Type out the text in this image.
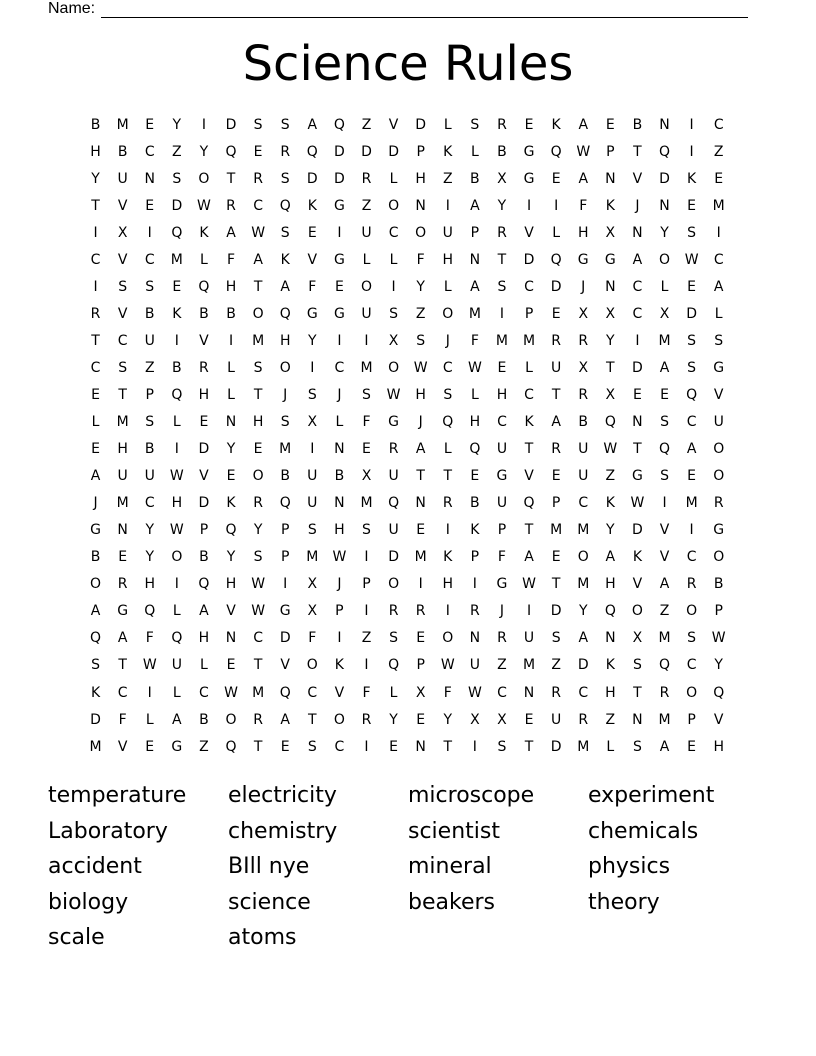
Name:
Science Rules
B	M	E	Y	I	D	S	S	A	Q	Z	V	D	L	S	R	E	K	A	E	B	N	I	C
H	B	C	Z	Y	Q	E	R	Q	D	D	D	P	K	L	B	G	Q	W	P	T	Q	I	Z
Y	U	N	S	O	T	R	S	D	D	R	L	H	Z	B	X	G	E	A	N	V	D	K	E
T	V	E	D	W	R	C	Q	K	G	Z	O	N	I	A	Y	I	I	F	K	J	N	E	M
I	X	I	Q	K	A	W	S	E	I	U	C	O	U	P	R	V	L	H	X	N	Y	S	I
C	V	C	M	L	F	A	K	V	G	L	L	F	H	N	T	D	Q	G	G	A	O	W	C
I	S	S	E	Q	H	T	A	F	E	O	I	Y	L	A	S	C	D	J	N	C	L	E	A
R	V	B	K	B	B	O	Q	G	G	U	S	Z	O	M	I	P	E	X	X	C	X	D	L
T	C	U	I	V	I	M	H	Y	I	I	X	S	J	F	M	M	R	R	Y	I	M	S	S
C	S	Z	B	R	L	S	O	I	C	M	O	W	C	W	E	L	U	X	T	D	A	S	G
E	T	P	Q	H	L	T	J	S	J	S	W	H	S	L	H	C	T	R	X	E	E	Q	V
L	M	S	L	E	N	H	S	X	L	F	G	J	Q	H	C	K	A	B	Q	N	S	C	U
E	H	B	I	D	Y	E	M	I	N	E	R	A	L	Q	U	T	R	U	W	T	Q	A	O
A	U	U	W	V	E	O	B	U	B	X	U	T	T	E	G	V	E	U	Z	G	S	E	O
J	M	C	H	D	K	R	Q	U	N	M	Q	N	R	B	U	Q	P	C	K	W	I	M	R
G	N	Y	W	P	Q	Y	P	S	H	S	U	E	I	K	P	T	M	M	Y	D	V	I	G
B	E	Y	O	B	Y	S	P	M	W	I	D	M	K	P	F	A	E	O	A	K	V	C	O
O	R	H	I	Q	H	W	I	X	J	P	O	I	H	I	G	W	T	M	H	V	A	R	B
A	G	Q	L	A	V	W	G	X	P	I	R	R	I	R	J	I	D	Y	Q	O	Z	O	P
Q	A	F	Q	H	N	C	D	F	I	Z	S	E	O	N	R	U	S	A	N	X	M	S	W
S	T	W	U	L	E	T	V	O	K	I	Q	P	W	U	Z	M	Z	D	K	S	Q	C	Y
K	C	I	L	C	W	M	Q	C	V	F	L	X	F	W	C	N	R	C	H	T	R	O	Q
D	F	L	A	B	O	R	A	T	O	R	Y	E	Y	X	X	E	U	R	Z	N	M	P	V
M	V	E	G	Z	Q	T	E	S	C	I	E	N	T	I	S	T	D	M	L	S	A	E	H
temperature	electricity	microscope	experiment
Laboratory	chemistry	scientist	chemicals
accident	BIll nye	mineral	physics
biology	science	beakers	theory
scale	atoms
